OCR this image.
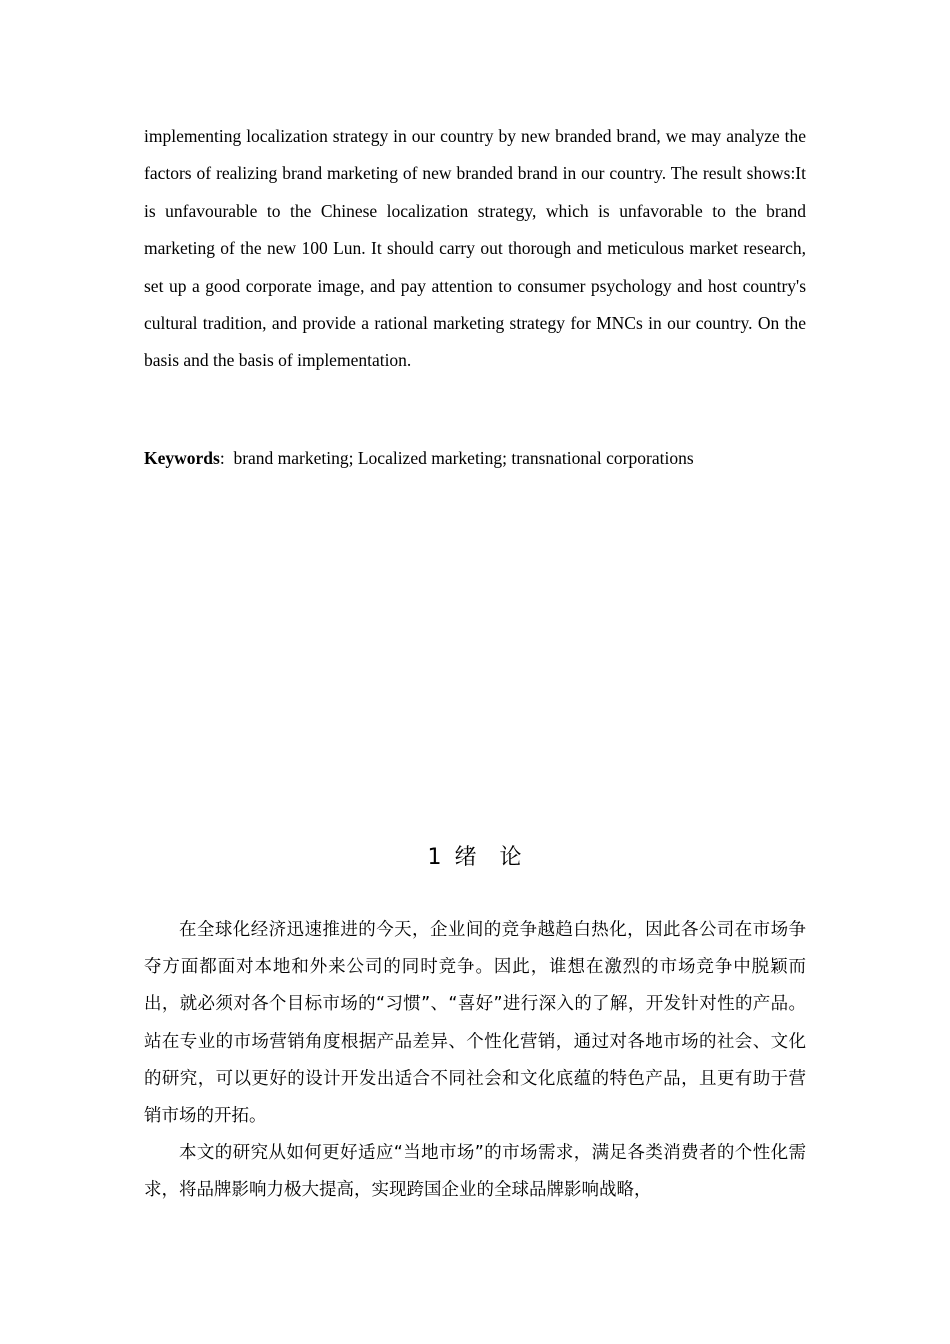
implementing localization strategy in our country by new branded brand, we may analyze the factors of realizing brand marketing of new branded brand in our country. The result shows:It is unfavourable to the Chinese localization strategy, which is unfavorable to the brand marketing of the new 100 Lun. It should carry out thorough and meticulous market research, set up a good corporate image, and pay attention to consumer psychology and host country's cultural tradition, and provide a rational marketing strategy for MNCs in our country. On the basis and the basis of implementation.

Keywords:  brand marketing; Localized marketing; transnational corporations

1 绪 论

在全球化经济迅速推进的今天，企业间的竞争越趋白热化，因此各公司在市场争夺方面都面对本地和外来公司的同时竞争。因此，谁想在激烈的市场竞争中脱颖而出，就必须对各个目标市场的“习惯”、“喜好”进行深入的了解，开发针对性的产品。站在专业的市场营销角度根据产品差异、个性化营销，通过对各地市场的社会、文化的研究，可以更好的设计开发出适合不同社会和文化底蕴的特色产品，且更有助于营销市场的开拓。

本文的研究从如何更好适应“当地市场”的市场需求，满足各类消费者的个性化需求，将品牌影响力极大提高，实现跨国企业的全球品牌影响战略，
